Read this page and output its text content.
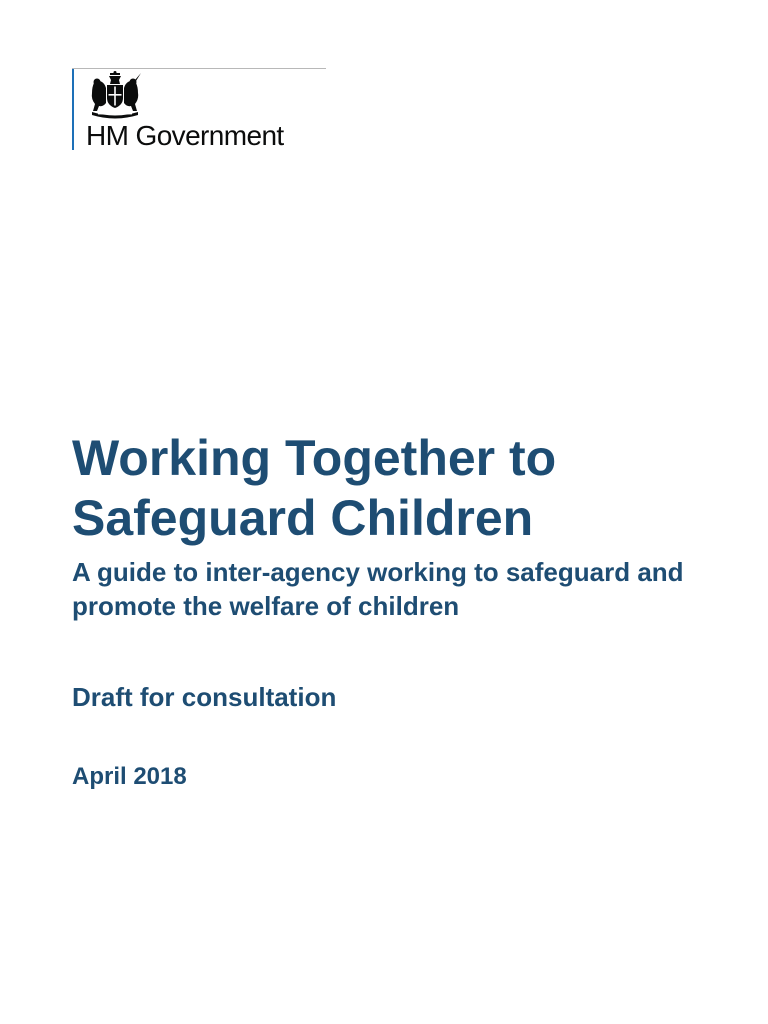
HM Government
Working Together to Safeguard Children

A guide to inter-agency working to safeguard and promote the welfare of children

Draft for consultation

April 2018
